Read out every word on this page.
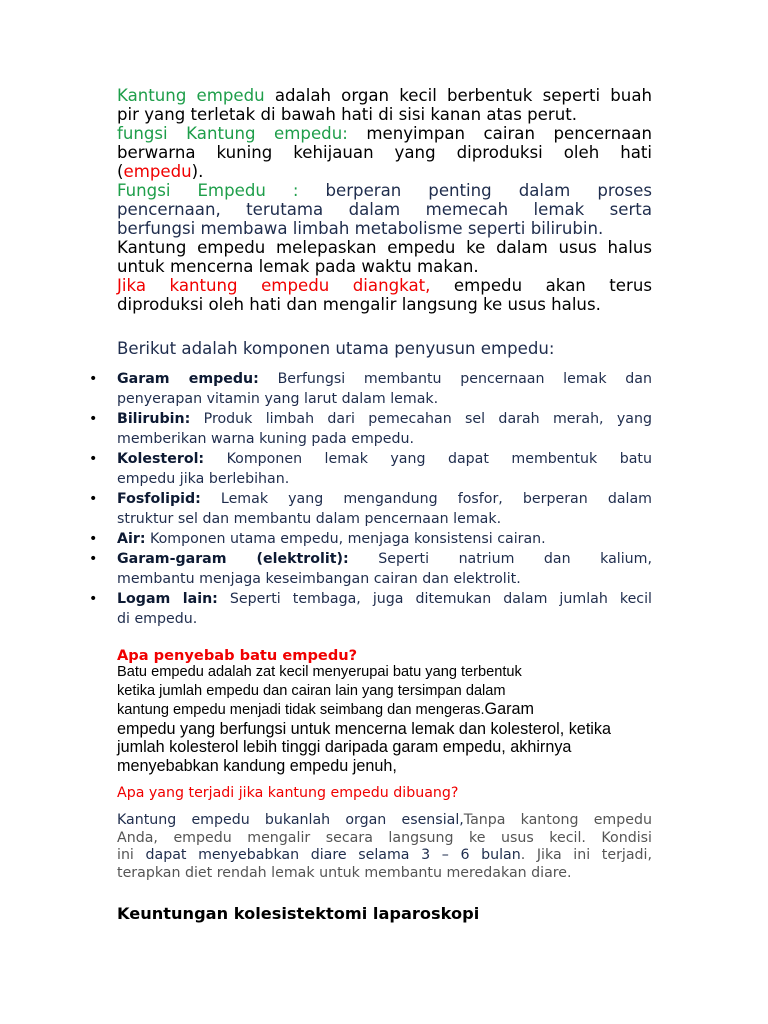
Kantung empedu adalah organ kecil berbentuk seperti buah
pir yang terletak di bawah hati di sisi kanan atas perut.
fungsi Kantung empedu: menyimpan cairan pencernaan
berwarna kuning kehijauan yang diproduksi oleh hati
(empedu).
Fungsi Empedu : berperan penting dalam proses
pencernaan, terutama dalam memecah lemak serta
berfungsi membawa limbah metabolisme seperti bilirubin.
Kantung empedu melepaskan empedu ke dalam usus halus
untuk mencerna lemak pada waktu makan.
Jika kantung empedu diangkat, empedu akan terus
diproduksi oleh hati dan mengalir langsung ke usus halus.
Berikut adalah komponen utama penyusun empedu:
• Garam empedu: Berfungsi membantu pencernaan lemak dan
penyerapan vitamin yang larut dalam lemak.
• Bilirubin: Produk limbah dari pemecahan sel darah merah, yang
memberikan warna kuning pada empedu.
• Kolesterol: Komponen lemak yang dapat membentuk batu
empedu jika berlebihan.
• Fosfolipid: Lemak yang mengandung fosfor, berperan dalam
struktur sel dan membantu dalam pencernaan lemak.
• Air: Komponen utama empedu, menjaga konsistensi cairan.
• Garam-garam (elektrolit): Seperti natrium dan kalium,
membantu menjaga keseimbangan cairan dan elektrolit.
• Logam lain: Seperti tembaga, juga ditemukan dalam jumlah kecil
di empedu.
Apa penyebab batu empedu?
Batu empedu adalah zat kecil menyerupai batu yang terbentuk
ketika jumlah empedu dan cairan lain yang tersimpan dalam
kantung empedu menjadi tidak seimbang dan mengeras.Garam
empedu yang berfungsi untuk mencerna lemak dan kolesterol, ketika
jumlah kolesterol lebih tinggi daripada garam empedu, akhirnya
menyebabkan kandung empedu jenuh,
Apa yang terjadi jika kantung empedu dibuang?
Kantung empedu bukanlah organ esensial,Tanpa kantong empedu
Anda, empedu mengalir secara langsung ke usus kecil. Kondisi
ini dapat menyebabkan diare selama 3 – 6 bulan. Jika ini terjadi,
terapkan diet rendah lemak untuk membantu meredakan diare.
Keuntungan kolesistektomi laparoskopi
